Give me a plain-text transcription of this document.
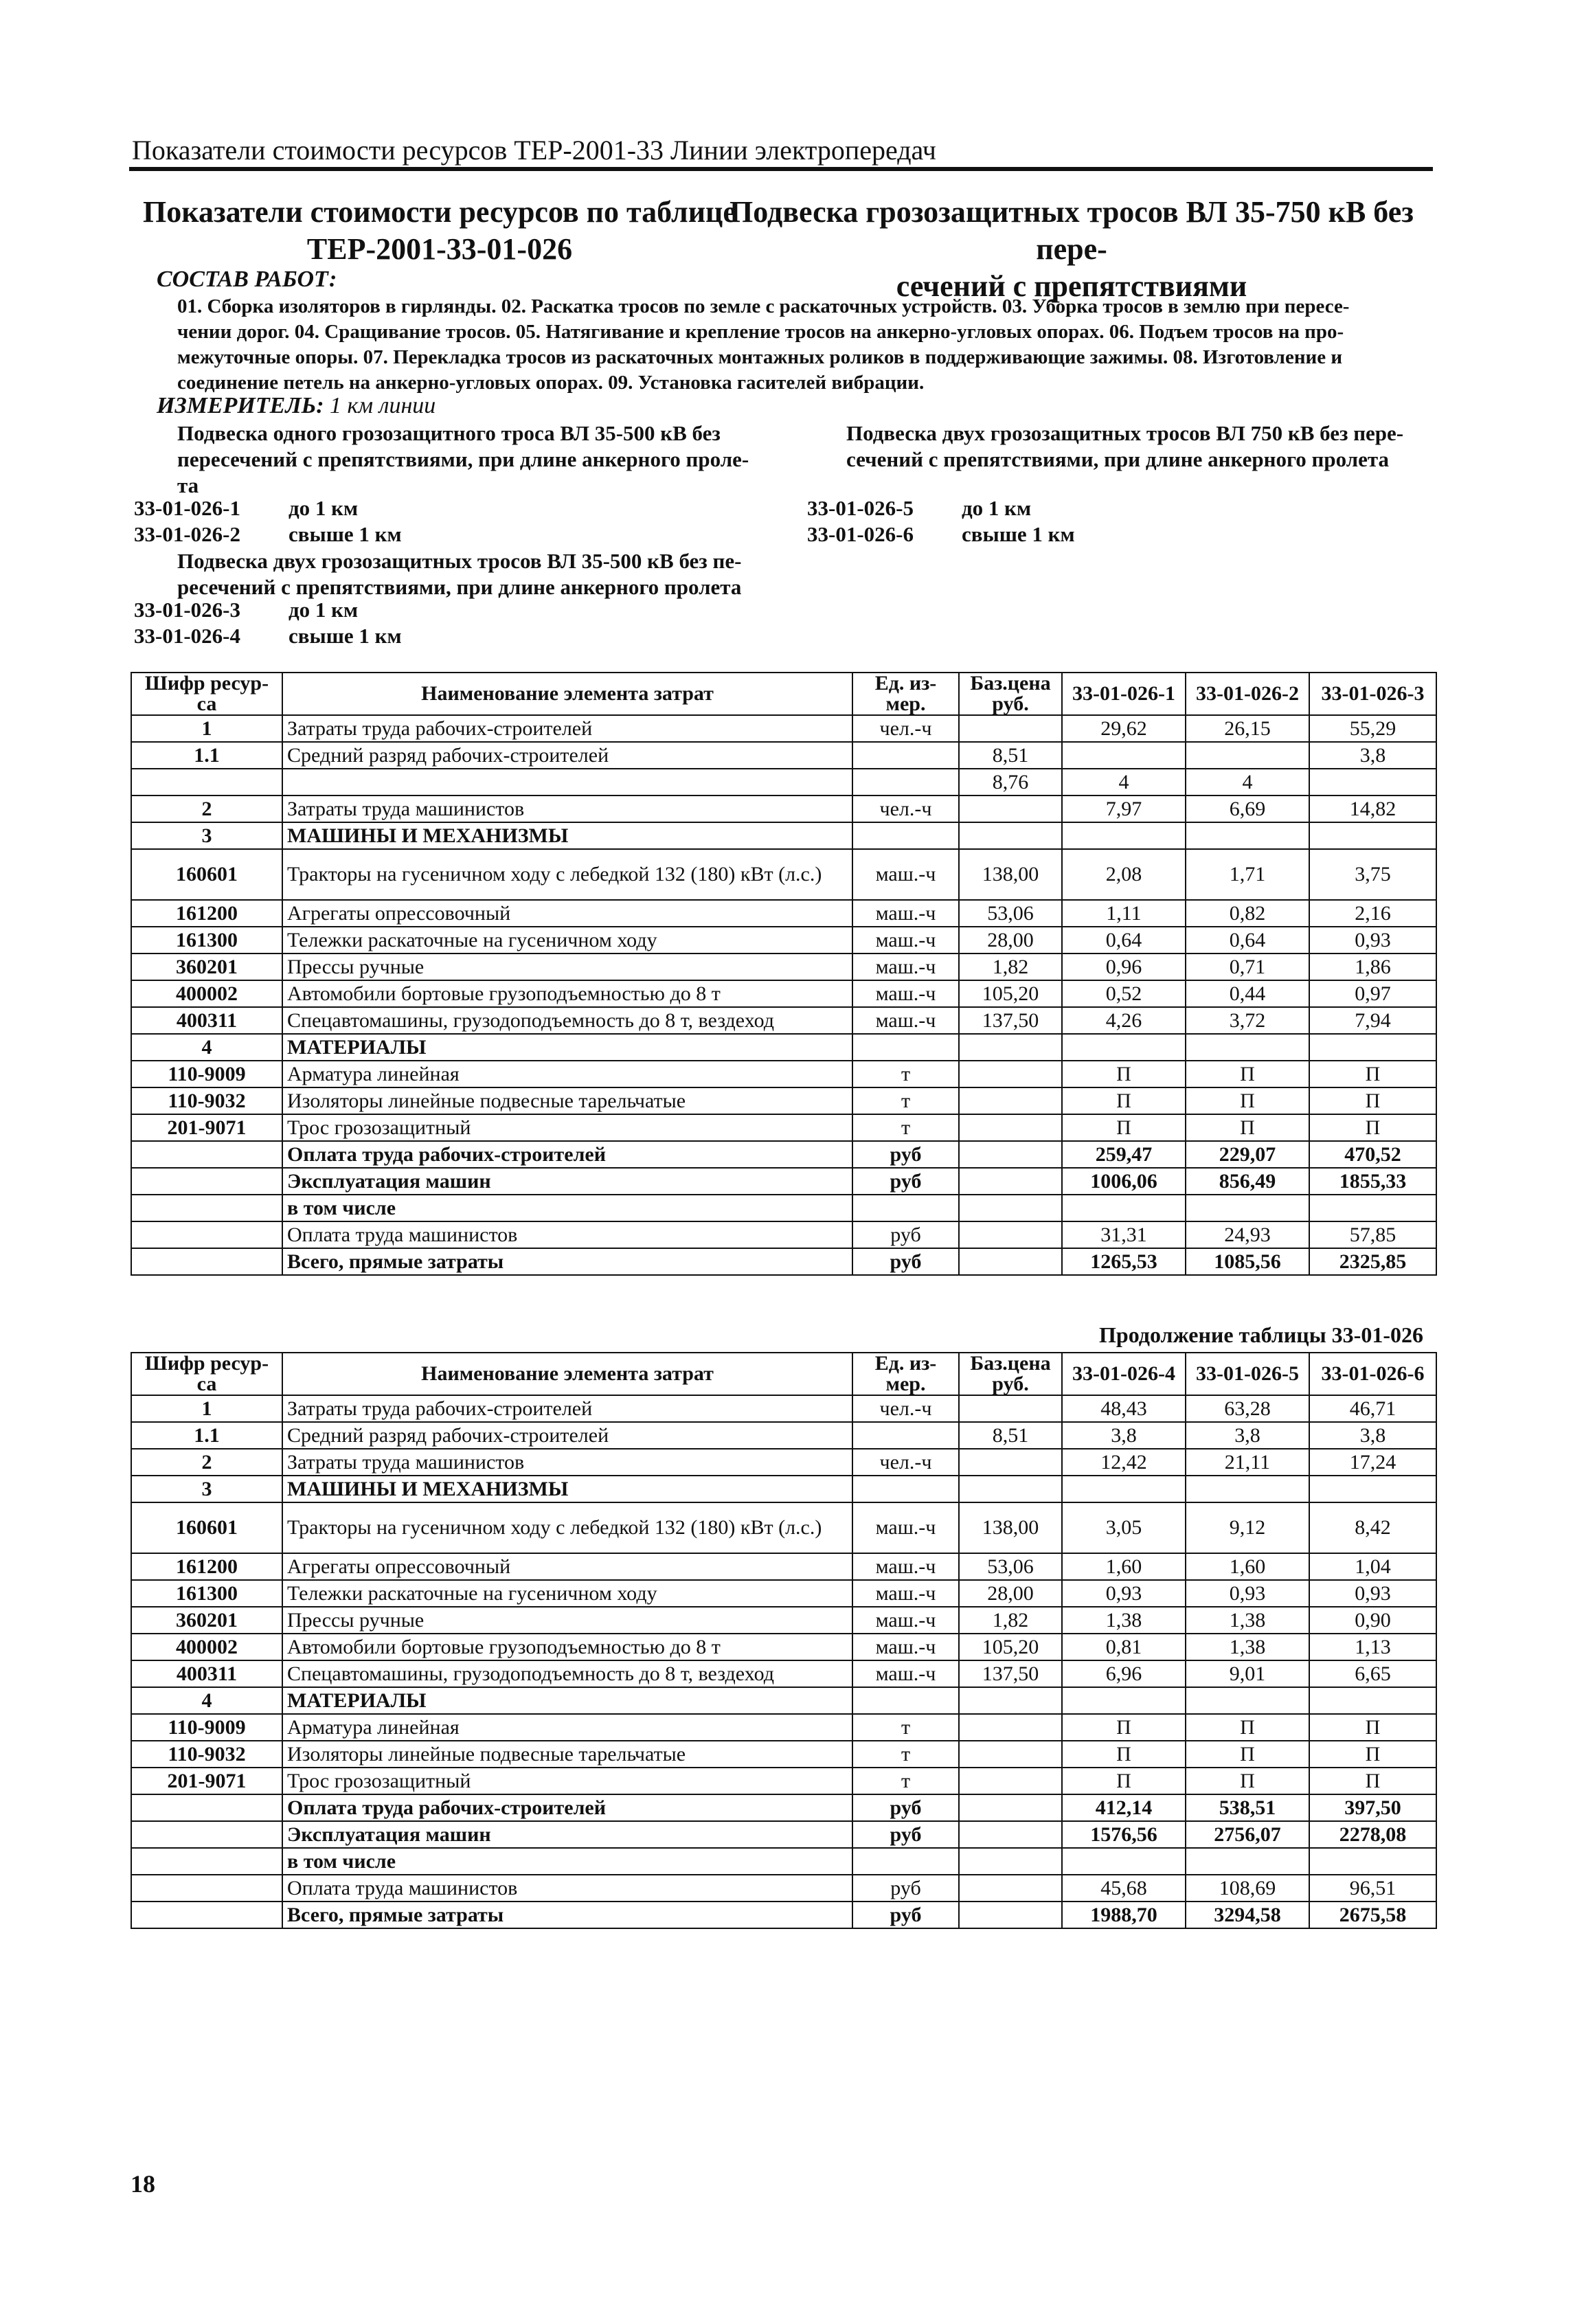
Показатели стоимости ресурсов ТЕР-2001-33 Линии электропередач
Показатели стоимости ресурсов по таблице
ТЕР-2001-33-01-026
Подвеска грозозащитных тросов ВЛ 35-750 кВ без пере-
сечений с препятствиями
СОСТАВ РАБОТ:
01. Сборка изоляторов в гирлянды. 02. Раскатка тросов по земле с раскаточных устройств. 03. Уборка тросов в землю при пересе-
чении дорог. 04. Сращивание тросов. 05. Натягивание и крепление тросов на анкерно-угловых опорах. 06. Подъем тросов на про-
межуточные опоры. 07. Перекладка тросов из раскаточных монтажных роликов в поддерживающие зажимы. 08. Изготовление и
соединение петель на анкерно-угловых опорах. 09. Установка гасителей вибрации.
ИЗМЕРИТЕЛЬ: 1 км линии
Подвеска одного грозозащитного троса ВЛ 35-500 кВ без
пересечений с препятствиями, при длине анкерного проле-
та
33-01-026-1 до 1 км
33-01-026-2 свыше 1 км
Подвеска двух грозозащитных тросов ВЛ 35-500 кВ без пе-
ресечений с препятствиями, при длине анкерного пролета
33-01-026-3 до 1 км
33-01-026-4 свыше 1 км
Подвеска двух грозозащитных тросов ВЛ 750 кВ без пере-
сечений с препятствиями, при длине анкерного пролета
33-01-026-5 до 1 км
33-01-026-6 свыше 1 км
Шифр ресур-са	Наименование элемента затрат	Ед. из-мер.	Баз.цена руб.	33-01-026-1	33-01-026-2	33-01-026-3
1	Затраты труда рабочих-строителей	чел.-ч		29,62	26,15	55,29
1.1	Средний разряд рабочих-строителей		8,51			3,8
			8,76	4	4	
2	Затраты труда машинистов	чел.-ч		7,97	6,69	14,82
3	МАШИНЫ И МЕХАНИЗМЫ					
160601	Тракторы на гусеничном ходу с лебедкой 132 (180) кВт (л.с.)	маш.-ч	138,00	2,08	1,71	3,75
161200	Агрегаты опрессовочный	маш.-ч	53,06	1,11	0,82	2,16
161300	Тележки раскаточные на гусеничном ходу	маш.-ч	28,00	0,64	0,64	0,93
360201	Прессы ручные	маш.-ч	1,82	0,96	0,71	1,86
400002	Автомобили бортовые грузоподъемностью до 8 т	маш.-ч	105,20	0,52	0,44	0,97
400311	Спецавтомашины, грузодоподъемность до 8 т, вездеход	маш.-ч	137,50	4,26	3,72	7,94
4	МАТЕРИАЛЫ					
110-9009	Арматура линейная	т		П	П	П
110-9032	Изоляторы линейные подвесные тарельчатые	т		П	П	П
201-9071	Трос грозозащитный	т		П	П	П
	Оплата труда рабочих-строителей	руб		259,47	229,07	470,52
	Эксплуатация машин	руб		1006,06	856,49	1855,33
	в том числе					
	Оплата труда машинистов	руб		31,31	24,93	57,85
	Всего, прямые затраты	руб		1265,53	1085,56	2325,85
Продолжение таблицы 33-01-026
Шифр ресур-са	Наименование элемента затрат	Ед. из-мер.	Баз.цена руб.	33-01-026-4	33-01-026-5	33-01-026-6
1	Затраты труда рабочих-строителей	чел.-ч		48,43	63,28	46,71
1.1	Средний разряд рабочих-строителей		8,51	3,8	3,8	3,8
2	Затраты труда машинистов	чел.-ч		12,42	21,11	17,24
3	МАШИНЫ И МЕХАНИЗМЫ					
160601	Тракторы на гусеничном ходу с лебедкой 132 (180) кВт (л.с.)	маш.-ч	138,00	3,05	9,12	8,42
161200	Агрегаты опрессовочный	маш.-ч	53,06	1,60	1,60	1,04
161300	Тележки раскаточные на гусеничном ходу	маш.-ч	28,00	0,93	0,93	0,93
360201	Прессы ручные	маш.-ч	1,82	1,38	1,38	0,90
400002	Автомобили бортовые грузоподъемностью до 8 т	маш.-ч	105,20	0,81	1,38	1,13
400311	Спецавтомашины, грузодоподъемность до 8 т, вездеход	маш.-ч	137,50	6,96	9,01	6,65
4	МАТЕРИАЛЫ					
110-9009	Арматура линейная	т		П	П	П
110-9032	Изоляторы линейные подвесные тарельчатые	т		П	П	П
201-9071	Трос грозозащитный	т		П	П	П
	Оплата труда рабочих-строителей	руб		412,14	538,51	397,50
	Эксплуатация машин	руб		1576,56	2756,07	2278,08
	в том числе					
	Оплата труда машинистов	руб		45,68	108,69	96,51
	Всего, прямые затраты	руб		1988,70	3294,58	2675,58
18
